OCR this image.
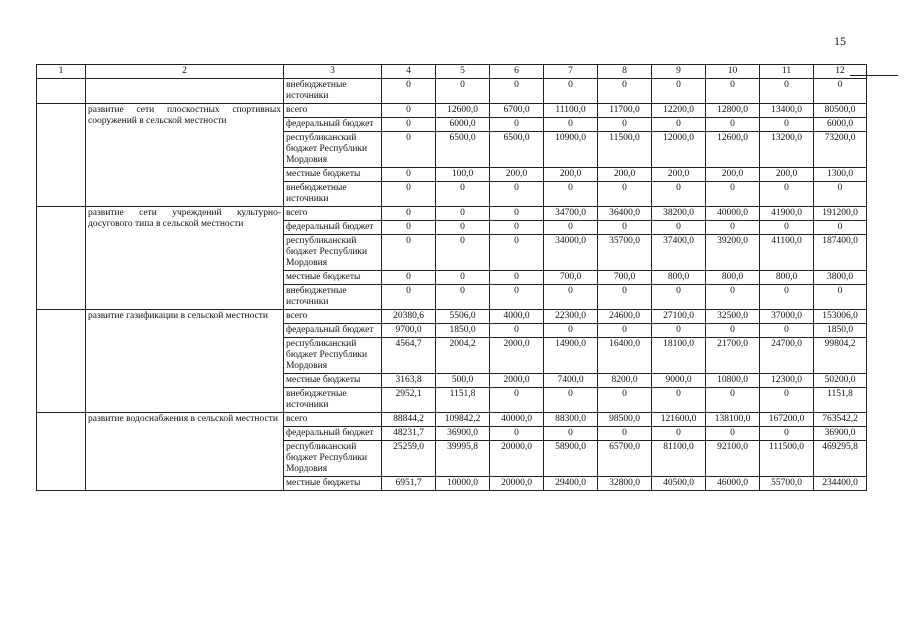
15
1	2	3	4	5	6	7	8	9	10	11	12
		внебюджетные источники	0	0	0	0	0	0	0	0	0
	развитие сети плоскостных спортивных сооружений в сельской местности	всего	0	12600,0	6700,0	11100,0	11700,0	12200,0	12800,0	13400,0	80500,0
		федеральный бюджет	0	6000,0	0	0	0	0	0	0	6000,0
		республиканский бюджет Республики Мордовия	0	6500,0	6500,0	10900,0	11500,0	12000,0	12600,0	13200,0	73200,0
		местные бюджеты	0	100,0	200,0	200,0	200,0	200,0	200,0	200,0	1300,0
		внебюджетные источники	0	0	0	0	0	0	0	0	0
	развитие сети учреждений культурно-досугового типа в сельской местности	всего	0	0	0	34700,0	36400,0	38200,0	40000,0	41900,0	191200,0
		федеральный бюджет	0	0	0	0	0	0	0	0	0
		республиканский бюджет Республики Мордовия	0	0	0	34000,0	35700,0	37400,0	39200,0	41100,0	187400,0
		местные бюджеты	0	0	0	700,0	700,0	800,0	800,0	800,0	3800,0
		внебюджетные источники	0	0	0	0	0	0	0	0	0
	развитие газификации в сельской местности	всего	20380,6	5506,0	4000,0	22300,0	24600,0	27100,0	32500,0	37000,0	153006,0
		федеральный бюджет	9700,0	1850,0	0	0	0	0	0	0	1850,0
		республиканский бюджет Республики Мордовия	4564,7	2004,2	2000,0	14900,0	16400,0	18100,0	21700,0	24700,0	99804,2
		местные бюджеты	3163,8	500,0	2000,0	7400,0	8200,0	9000,0	10800,0	12300,0	50200,0
		внебюджетные источники	2952,1	1151,8	0	0	0	0	0	0	1151,8
	развитие водоснабжения в сельской местности	всего	88844,2	109842,2	40000,0	88300,0	98500,0	121600,0	138100,0	167200,0	763542,2
		федеральный бюджет	48231,7	36900,0	0	0	0	0	0	0	36900,0
		республиканский бюджет Республики Мордовия	25259,0	39995,8	20000,0	58900,0	65700,0	81100,0	92100,0	111500,0	469295,8
		местные бюджеты	6951,7	10000,0	20000,0	29400,0	32800,0	40500,0	46000,0	55700,0	234400,0
